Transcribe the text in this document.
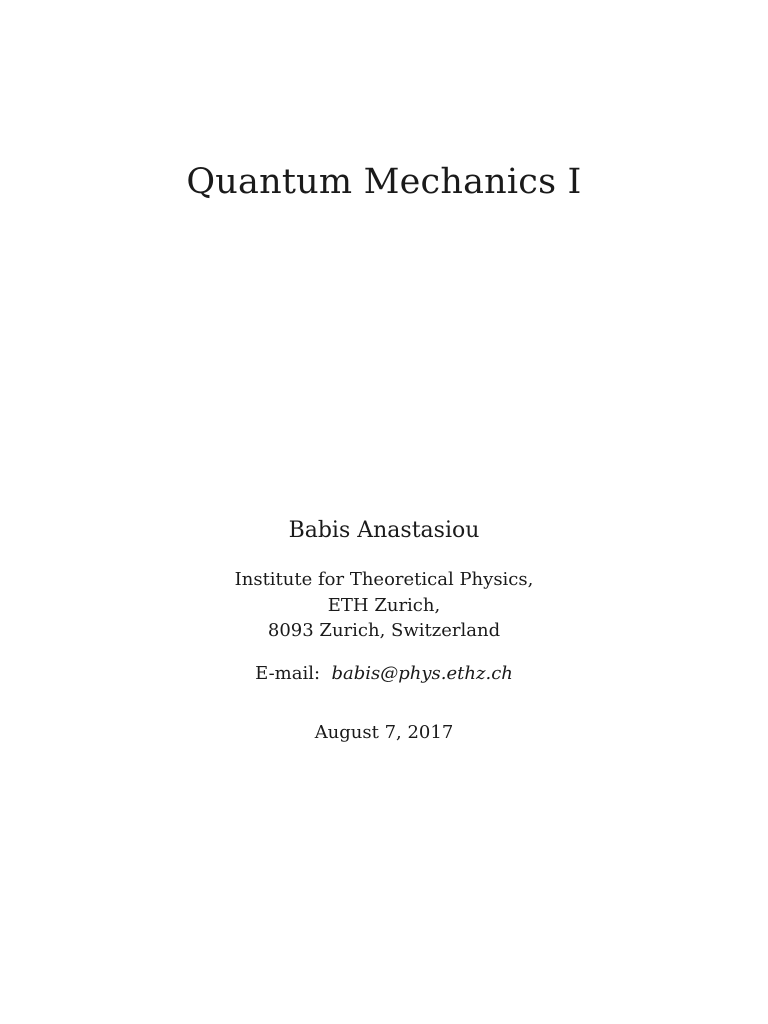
Quantum Mechanics I
Babis Anastasiou
Institute for Theoretical Physics,
ETH Zurich,
8093 Zurich, Switzerland
E-mail:  babis@phys.ethz.ch
August 7, 2017
